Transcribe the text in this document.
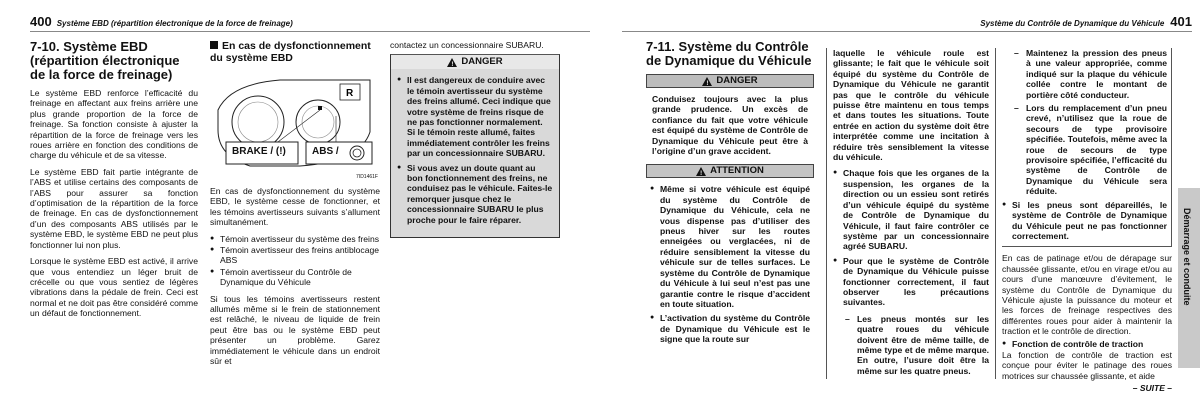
400 Système EBD (répartition électronique de la force de freinage)

7-10. Système EBD (répartition électronique de la force de freinage)

Le système EBD renforce l’efficacité du freinage en affectant aux freins arrière une plus grande proportion de la force de freinage. Sa fonction consiste à ajuster la répartition de la force de freinage vers les roues arrière en fonction des conditions de charge du véhicule et de sa vitesse.

Le système EBD fait partie intégrante de l’ABS et utilise certains des composants de l’ABS pour assurer sa fonction d’optimisation de la répartition de la force de freinage. En cas de dysfonctionnement d’un des composants ABS utilisés par le système EBD, le système EBD ne peut plus fonctionner lui non plus.

Lorsque le système EBD est activé, il arrive que vous entendiez un léger bruit de crécelle ou que vous sentiez de légères vibrations dans la pédale de frein. Ceci est normal et ne doit pas être considéré comme un défaut de fonctionnement.

En cas de dysfonctionnement du système EBD
R
BRAKE / (!)	ABS /
7ID1461F

En cas de dysfonctionnement du système EBD, le système cesse de fonctionner, et les témoins avertisseurs suivants s’allument simultanément.

● Témoin avertisseur du système des freins
● Témoin avertisseur des freins antiblocage ABS
● Témoin avertisseur du Contrôle de Dynamique du Véhicule

Si tous les témoins avertisseurs restent allumés même si le frein de stationnement est relâché, le niveau de liquide de frein peut être bas ou le système EBD peut présenter un problème. Garez immédiatement le véhicule dans un endroit sûr et

contactez un concessionnaire SUBARU.

! DANGER
● Il est dangereux de conduire avec le témoin avertisseur du système des freins allumé. Ceci indique que votre système de freins risque de ne pas fonctionner normalement. Si le témoin reste allumé, faites immédiatement contrôler les freins par un concessionnaire SUBARU.
● Si vous avez un doute quant au bon fonctionnement des freins, ne conduisez pas le véhicule. Faites-le remorquer jusque chez le concessionnaire SUBARU le plus proche pour le faire réparer.
Système du Contrôle de Dynamique du Véhicule 401

7-11. Système du Contrôle de Dynamique du Véhicule

! DANGER

Conduisez toujours avec la plus grande prudence. Un excès de confiance du fait que votre véhicule est équipé du système de Contrôle de Dynamique du Véhicule peut être à l’origine d’un grave accident.

! ATTENTION
● Même si votre véhicule est équipé du système du Contrôle de Dynamique du Véhicule, cela ne vous dispense pas d’utiliser des pneus hiver sur les routes enneigées ou verglacées, ni de réduire sensiblement la vitesse du véhicule sur de telles surfaces. Le système du Contrôle de Dynamique du Véhicule à lui seul n’est pas une garantie contre le risque d’accident en toute situation.
● L’activation du système du Contrôle de Dynamique du Véhicule est le signe que la route sur

laquelle le véhicule roule est glissante; le fait que le véhicule soit équipé du système du Contrôle de Dynamique du Véhicule ne garantit pas que le contrôle du véhicule puisse être maintenu en tous temps et dans toutes les situations. Toute entrée en action du système doit être interprétée comme une incitation à réduire très sensiblement la vitesse du véhicule.

● Chaque fois que les organes de la suspension, les organes de la direction ou un essieu sont retirés d’un véhicule équipé du système de Contrôle de Dynamique du Véhicule, il faut faire contrôler ce système par un concessionnaire agréé SUBARU.
● Pour que le système de Contrôle de Dynamique du Véhicule puisse fonctionner correctement, il faut observer les précautions suivantes.
– Les pneus montés sur les quatre roues du véhicule doivent être de même taille, de même type et de même marque. En outre, l’usure doit être la même sur les quatre pneus.
– Maintenez la pression des pneus à une valeur appropriée, comme indiqué sur la plaque du véhicule collée contre le montant de portière côté conducteur.
– Lors du remplacement d’un pneu crevé, n’utilisez que la roue de secours de type provisoire spécifiée. Toutefois, même avec la roue de secours de type provisoire spécifiée, l’efficacité du système de Contrôle de Dynamique du Véhicule sera réduite.
● Si les pneus sont dépareillés, le système de Contrôle de Dynamique du Véhicule peut ne pas fonctionner correctement.

En cas de patinage et/ou de dérapage sur chaussée glissante, et/ou en virage et/ou au cours d’une manœuvre d’évitement, le système du Contrôle de Dynamique du Véhicule ajuste la puissance du moteur et les forces de freinage respectives des différentes roues pour aider à maintenir la traction et le contrôle de direction.

● Fonction de contrôle de traction

La fonction de contrôle de traction est conçue pour éviter le patinage des roues motrices sur chaussée glissante, et aide

– SUITE –
Démarrage et conduite
